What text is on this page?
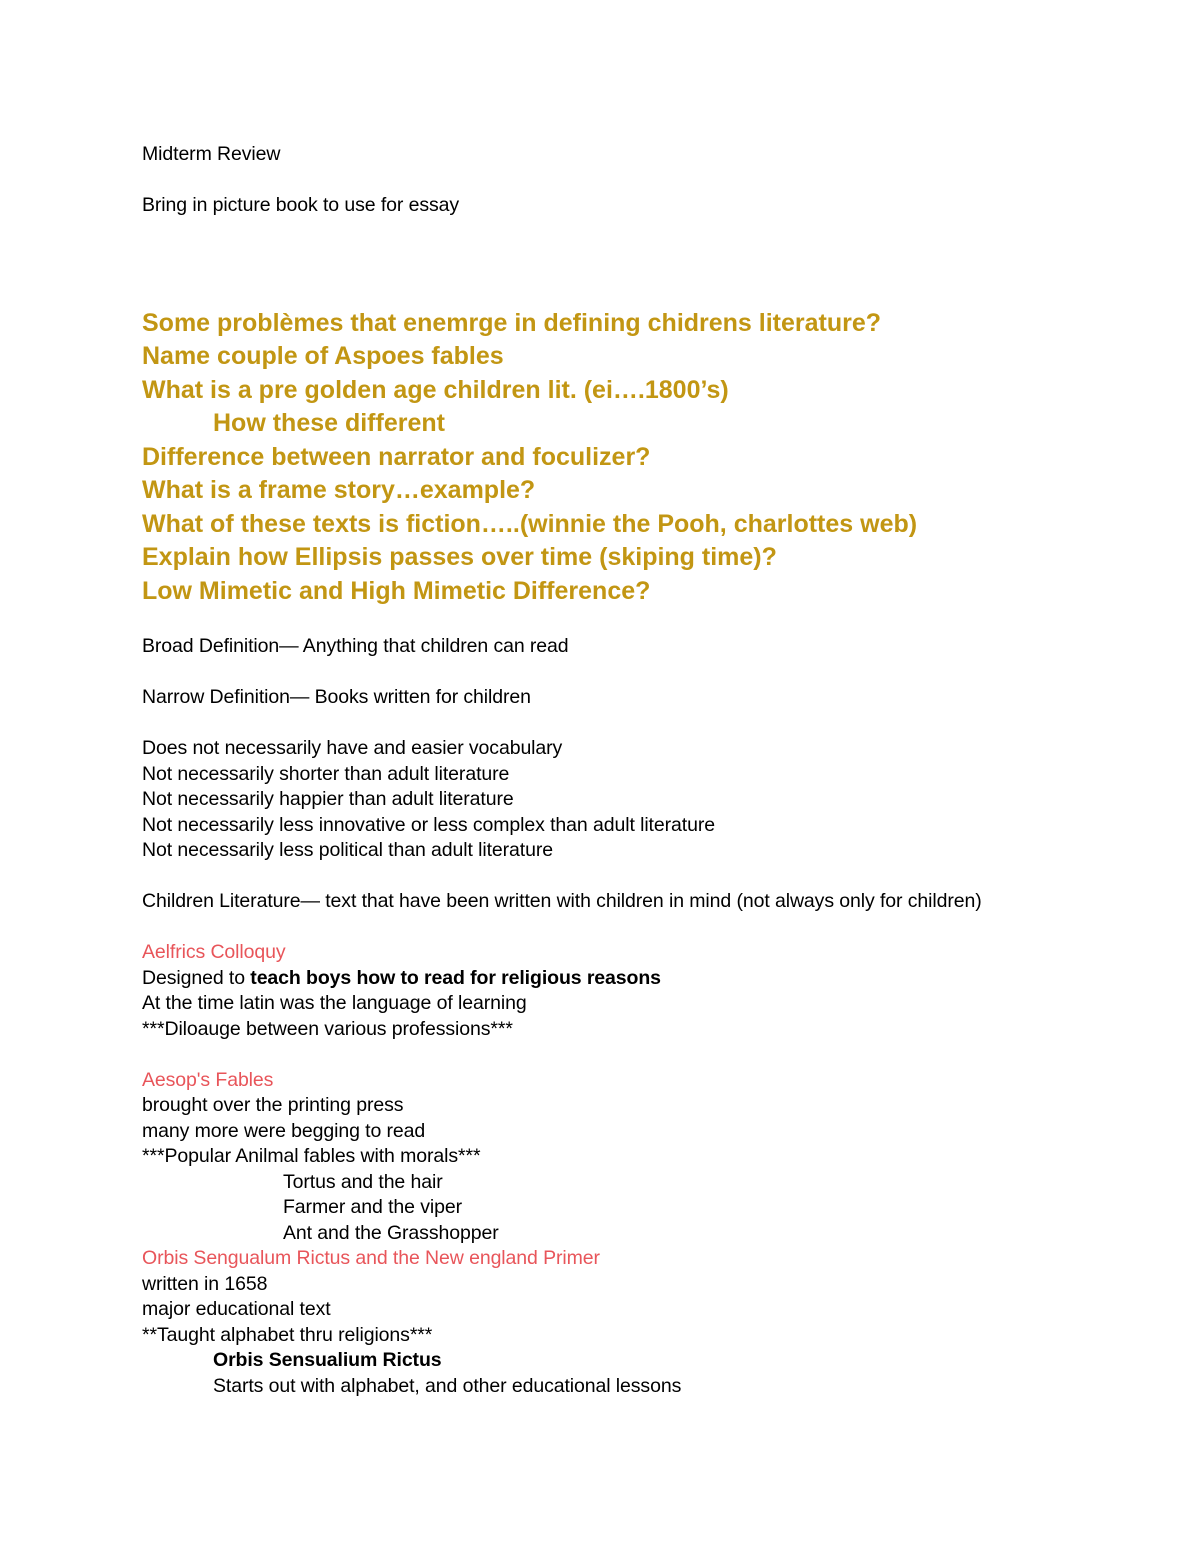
Midterm Review
Bring in picture book to use for essay
Some problèmes that enemrge in defining chidrens literature?
Name couple of Aspoes fables
What is a pre golden age children lit. (ei….1800’s)
How these different
Difference between narrator and foculizer?
What is a frame story…example?
What of these texts is fiction…..(winnie the Pooh, charlottes web)
Explain how Ellipsis passes over time (skiping time)?
Low Mimetic and High Mimetic Difference?
Broad Definition— Anything that children can read
Narrow Definition— Books written for children
Does not necessarily have and easier vocabulary
Not necessarily shorter than adult literature
Not necessarily happier than adult literature
Not necessarily less innovative or less complex than adult literature
Not necessarily less political than adult literature
Children Literature— text that have been written with children in mind (not always only for children)
Aelfrics Colloquy
Designed to teach boys how to read for religious reasons
At the time latin was the language of learning
***Diloauge between various professions***
Aesop's Fables
brought over the printing press
many more were begging to read
***Popular Anilmal fables with morals***
Tortus and the hair
Farmer and the viper
Ant and the Grasshopper
Orbis Sengualum Rictus and the New england Primer
written in 1658
major educational text
**Taught alphabet thru religions***
Orbis Sensualium Rictus
Starts out with alphabet, and other educational lessons
